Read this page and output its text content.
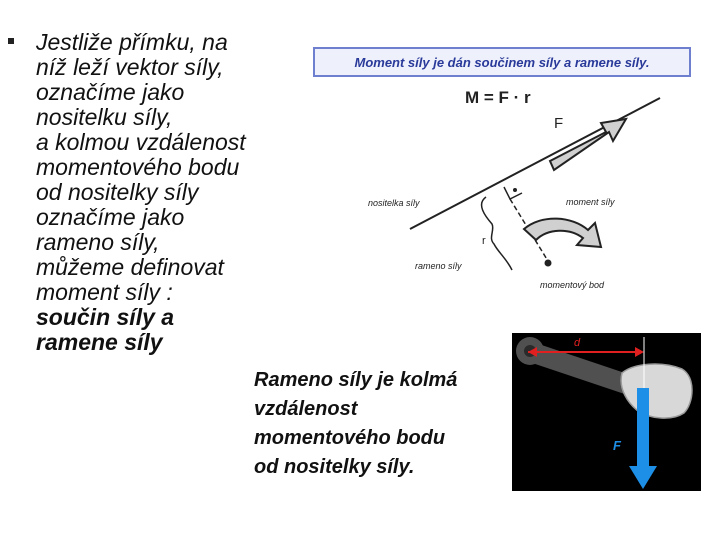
Jestliže přímku, na
níž leží vektor síly,
označíme jako
nositelku síly,
a kolmou vzdálenost
momentového bodu
od nositelky síly
označíme jako
rameno síly,
můžeme definovat
moment síly :
součin síly a
ramene síly
Rameno síly je kolmá
vzdálenost
momentového bodu
od nositelky síly.
Moment síly je dán součinem síly a ramene síly.
M = F · r
F
r
nositelka síly	moment síly
rameno síly
momentový bod
d
F
